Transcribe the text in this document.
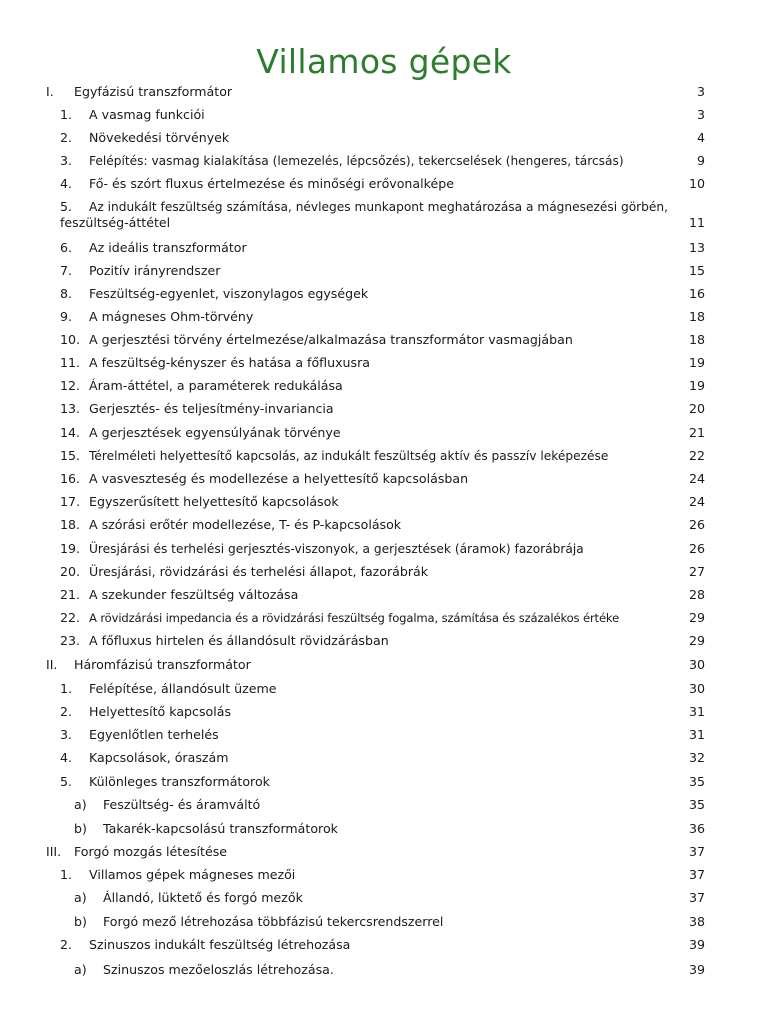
Villamos gépek
I. Egyfázisú transzformátor	3
1. A vasmag funkciói	3
2. Növekedési törvények	4
3. Felépítés: vasmag kialakítása (lemezelés, lépcsőzés), tekercselések (hengeres, tárcsás)	9
4. Fő- és szórt fluxus értelmezése és minőségi erővonalképe	10
5. Az indukált feszültség számítása, névleges munkapont meghatározása a mágnesezési görbén,
feszültség-áttétel	11
6. Az ideális transzformátor	13
7. Pozitív irányrendszer	15
8. Feszültség-egyenlet, viszonylagos egységek	16
9. A mágneses Ohm-törvény	18
10. A gerjesztési törvény értelmezése/alkalmazása transzformátor vasmagjában	18
11. A feszültség-kényszer és hatása a főfluxusra	19
12. Áram-áttétel, a paraméterek redukálása	19
13. Gerjesztés- és teljesítmény-invariancia	20
14. A gerjesztések egyensúlyának törvénye	21
15. Térelméleti helyettesítő kapcsolás, az indukált feszültség aktív és passzív leképezése	22
16. A vasveszteség és modellezése a helyettesítő kapcsolásban	24
17. Egyszerűsített helyettesítő kapcsolások	24
18. A szórási erőtér modellezése, T- és P-kapcsolások	26
19. Üresjárási és terhelési gerjesztés-viszonyok, a gerjesztések (áramok) fazorábrája	26
20. Üresjárási, rövidzárási és terhelési állapot, fazorábrák	27
21. A szekunder feszültség változása	28
22. A rövidzárási impedancia és a rövidzárási feszültség fogalma, számítása és százalékos értéke	29
23. A főfluxus hirtelen és állandósult rövidzárásban	29
II. Háromfázisú transzformátor	30
1. Felépítése, állandósult üzeme	30
2. Helyettesítő kapcsolás	31
3. Egyenlőtlen terhelés	31
4. Kapcsolások, óraszám	32
5. Különleges transzformátorok	35
a) Feszültség- és áramváltó	35
b) Takarék-kapcsolású transzformátorok	36
III. Forgó mozgás létesítése	37
1. Villamos gépek mágneses mezői	37
a) Állandó, lüktető és forgó mezők	37
b) Forgó mező létrehozása többfázisú tekercsrendszerrel	38
2. Szinuszos indukált feszültség létrehozása	39
a) Szinuszos mezőeloszlás létrehozása.	39
